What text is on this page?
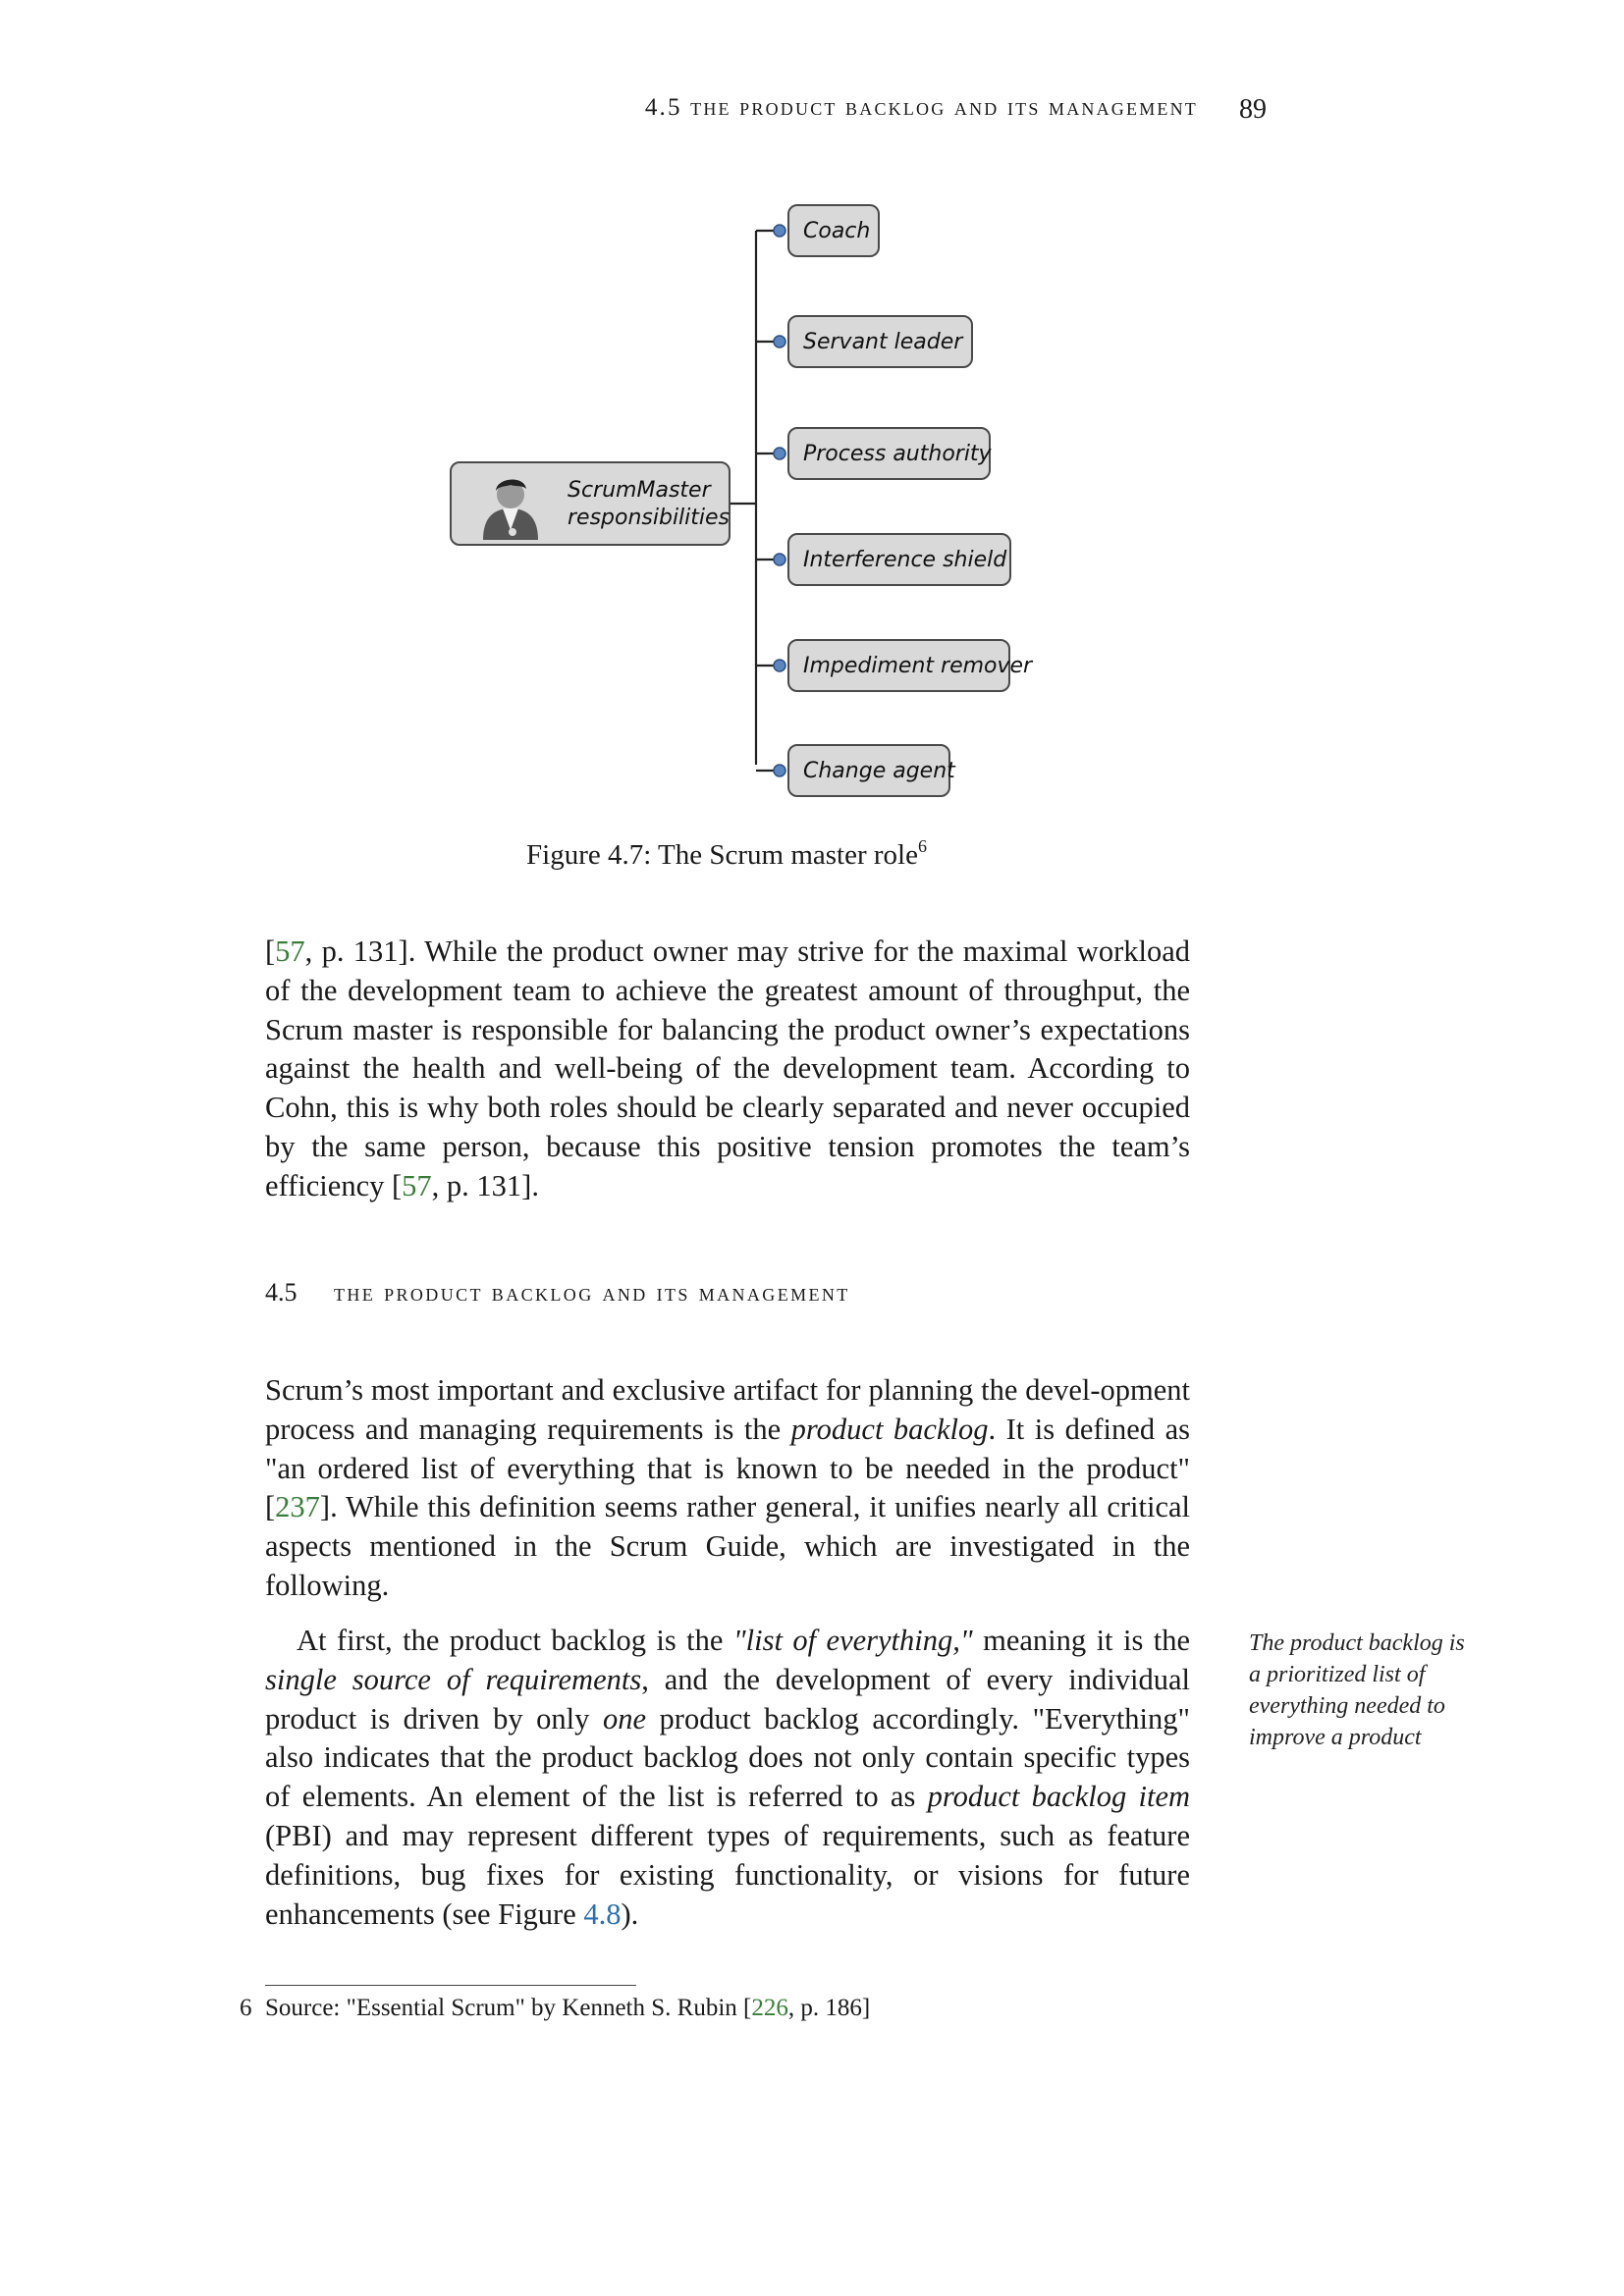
4.5 the product backlog and its management 89
ScrumMaster
responsibilities
Coach
Servant leader
Process authority
Interference shield
Impediment remover
Change agent
Figure 4.7: The Scrum master role$^6$
[57, p. 131]. While the product owner may strive for the maximal workload of the development team to achieve the greatest amount of throughput, the Scrum master is responsible for balancing the product owner’s expectations against the health and well-being of the development team. According to Cohn, this is why both roles should be clearly separated and never occupied by the same person, because this positive tension promotes the team’s efficiency [57, p. 131].
4.5 the product backlog and its management
Scrum’s most important and exclusive artifact for planning the devel-opment process and managing requirements is the product backlog. It is defined as "an ordered list of everything that is known to be needed in the product" [237]. While this definition seems rather general, it unifies nearly all critical aspects mentioned in the Scrum Guide, which are investigated in the following.
At first, the product backlog is the "list of everything," meaning it is the single source of requirements, and the development of every individual product is driven by only one product backlog accordingly. "Everything" also indicates that the product backlog does not only contain specific types of elements. An element of the list is referred to as product backlog item (PBI) and may represent different types of requirements, such as feature definitions, bug fixes for existing functionality, or visions for future enhancements (see Figure 4.8).
The product backlog is a prioritized list of everything needed to improve a product
6 Source: "Essential Scrum" by Kenneth S. Rubin [226, p. 186]
